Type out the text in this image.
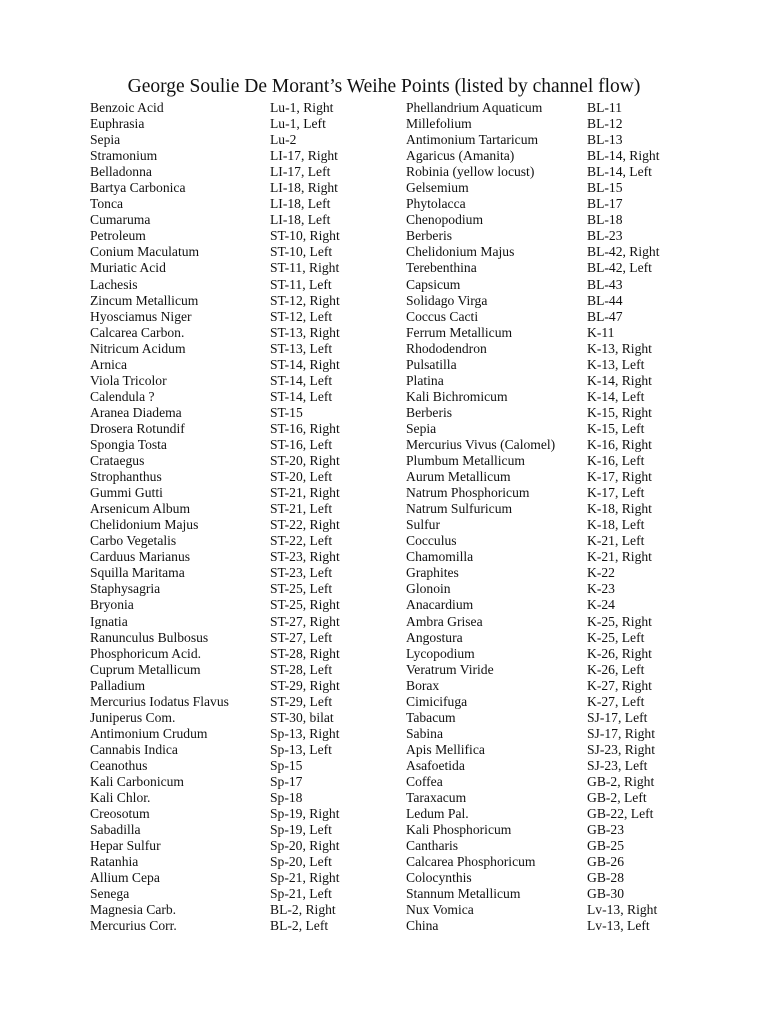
George Soulie De Morant’s Weihe Points (listed by channel flow)
Benzoic Acid
Euphrasia
Sepia
Stramonium
Belladonna
Bartya Carbonica
Tonca
Cumaruma
Petroleum
Conium Maculatum
Muriatic Acid
Lachesis
Zincum Metallicum
Hyosciamus Niger
Calcarea Carbon.
Nitricum Acidum
Arnica
Viola Tricolor
Calendula ?
Aranea Diadema
Drosera Rotundif
Spongia Tosta
Crataegus
Strophanthus
Gummi Gutti
Arsenicum Album
Chelidonium Majus
Carbo Vegetalis
Carduus Marianus
Squilla Maritama
Staphysagria
Bryonia
Ignatia
Ranunculus Bulbosus
Phosphoricum Acid.
Cuprum Metallicum
Palladium
Mercurius Iodatus Flavus
Juniperus Com.
Antimonium Crudum
Cannabis Indica
Ceanothus
Kali Carbonicum
Kali Chlor.
Creosotum
Sabadilla
Hepar Sulfur
Ratanhia
Allium Cepa
Senega
Magnesia Carb.
Mercurius Corr.
Lu-1, Right
Lu-1, Left
Lu-2
LI-17, Right
LI-17, Left
LI-18, Right
LI-18, Left
LI-18, Left
ST-10, Right
ST-10, Left
ST-11, Right
ST-11, Left
ST-12, Right
ST-12, Left
ST-13, Right
ST-13, Left
ST-14, Right
ST-14, Left
ST-14, Left
ST-15
ST-16, Right
ST-16, Left
ST-20, Right
ST-20, Left
ST-21, Right
ST-21, Left
ST-22, Right
ST-22, Left
ST-23, Right
ST-23, Left
ST-25, Left
ST-25, Right
ST-27, Right
ST-27, Left
ST-28, Right
ST-28, Left
ST-29, Right
ST-29, Left
ST-30, bilat
Sp-13, Right
Sp-13, Left
Sp-15
Sp-17
Sp-18
Sp-19, Right
Sp-19, Left
Sp-20, Right
Sp-20, Left
Sp-21, Right
Sp-21, Left
BL-2, Right
BL-2, Left
Phellandrium Aquaticum
Millefolium
Antimonium Tartaricum
Agaricus (Amanita)
Robinia (yellow locust)
Gelsemium
Phytolacca
Chenopodium
Berberis
Chelidonium Majus
Terebenthina
Capsicum
Solidago Virga
Coccus Cacti
Ferrum Metallicum
Rhododendron
Pulsatilla
Platina
Kali Bichromicum
Berberis
Sepia
Mercurius Vivus (Calomel)
Plumbum Metallicum
Aurum Metallicum
Natrum Phosphoricum
Natrum Sulfuricum
Sulfur
Cocculus
Chamomilla
Graphites
Glonoin
Anacardium
Ambra Grisea
Angostura
Lycopodium
Veratrum Viride
Borax
Cimicifuga
Tabacum
Sabina
Apis Mellifica
Asafoetida
Coffea
Taraxacum
Ledum Pal.
Kali Phosphoricum
Cantharis
Calcarea Phosphoricum
Colocynthis
Stannum Metallicum
Nux Vomica
China
BL-11
BL-12
BL-13
BL-14, Right
BL-14, Left
BL-15
BL-17
BL-18
BL-23
BL-42, Right
BL-42, Left
BL-43
BL-44
BL-47
K-11
K-13, Right
K-13, Left
K-14, Right
K-14, Left
K-15, Right
K-15, Left
K-16, Right
K-16, Left
K-17, Right
K-17, Left
K-18, Right
K-18, Left
K-21, Left
K-21, Right
K-22
K-23
K-24
K-25, Right
K-25, Left
K-26, Right
K-26, Left
K-27, Right
K-27, Left
SJ-17, Left
SJ-17, Right
SJ-23, Right
SJ-23, Left
GB-2, Right
GB-2, Left
GB-22, Left
GB-23
GB-25
GB-26
GB-28
GB-30
Lv-13, Right
Lv-13, Left
